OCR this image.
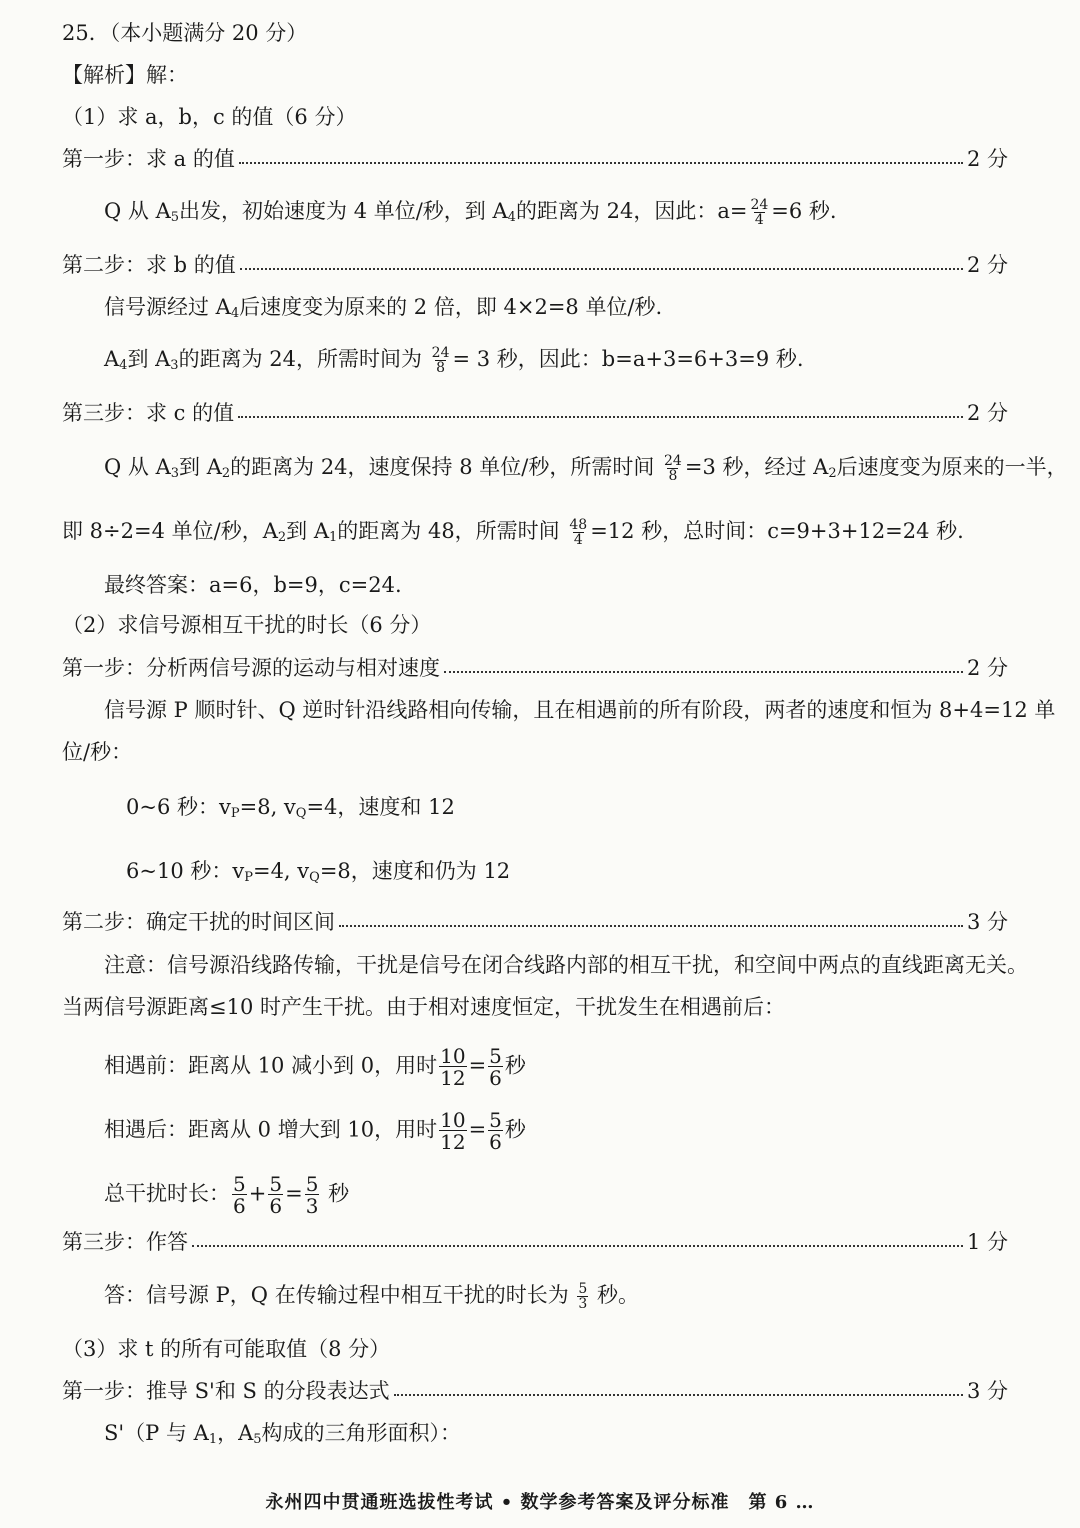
25．（本小题满分 20 分）
【解析】解：
（1）求 a，b，c 的值（6 分）
第一步：求 a 的值	2 分
Q 从 $A_5$出发，初始速度为 4 单位/秒，到 $A_4$的距离为 24，因此：$a= \frac{24}{4} =6$ 秒.
第二步：求 b 的值	2 分
信号源经过 $A_4$后速度变为原来的 2 倍，即 4×2=8 单位/秒.
$A_4$到 $A_3$的距离为 24，所需时间为 $\frac{24}{8} = 3$ 秒，因此：b=a+3=6+3=9 秒.
第三步：求 c 的值	2 分
Q 从 $A_3$到 $A_2$的距离为 24，速度保持 8 单位/秒，所需时间 $\frac{24}{8} =3$ 秒，经过 $A_2$后速度变为原来的一半，
即 8÷2=4 单位/秒，$A_2$到 $A_1$的距离为 48，所需时间 $\frac{48}{4} =12$ 秒，总时间：c=9+3+12=24 秒.
最终答案：a=6，b=9，c=24.
（2）求信号源相互干扰的时长（6 分）
第一步：分析两信号源的运动与相对速度	2 分
信号源 P 顺时针、Q 逆时针沿线路相向传输，且在相遇前的所有阶段，两者的速度和恒为 8+4=12 单
位/秒：
0~6 秒：$v_P=8$, $v_Q=4$，速度和 12
6~10 秒：$v_P=4$, $v_Q=8$，速度和仍为 12
第二步：确定干扰的时间区间	3 分
注意：信号源沿线路传输，干扰是信号在闭合线路内部的相互干扰，和空间中两点的直线距离无关。
当两信号源距离≤10 时产生干扰。由于相对速度恒定，干扰发生在相遇前后：
相遇前：距离从 10 减小到 0，用时 $\frac{10}{12} = \frac{5}{6}$ 秒
相遇后：距离从 0 增大到 10，用时 $\frac{10}{12} = \frac{5}{6}$ 秒
总干扰时长： $\frac{5}{6} + \frac{5}{6} = \frac{5}{3}$ 秒
第三步：作答	1 分
答：信号源 P，Q 在传输过程中相互干扰的时长为 $\frac{5}{3}$ 秒。
（3）求 t 的所有可能取值（8 分）
第一步：推导 S'和 S 的分段表达式	3 分
S'（P 与 $A_1$，$A_5$构成的三角形面积）：
永州四中贯通班选拔性考试 • 数学参考答案及评分标准　第 6 …
